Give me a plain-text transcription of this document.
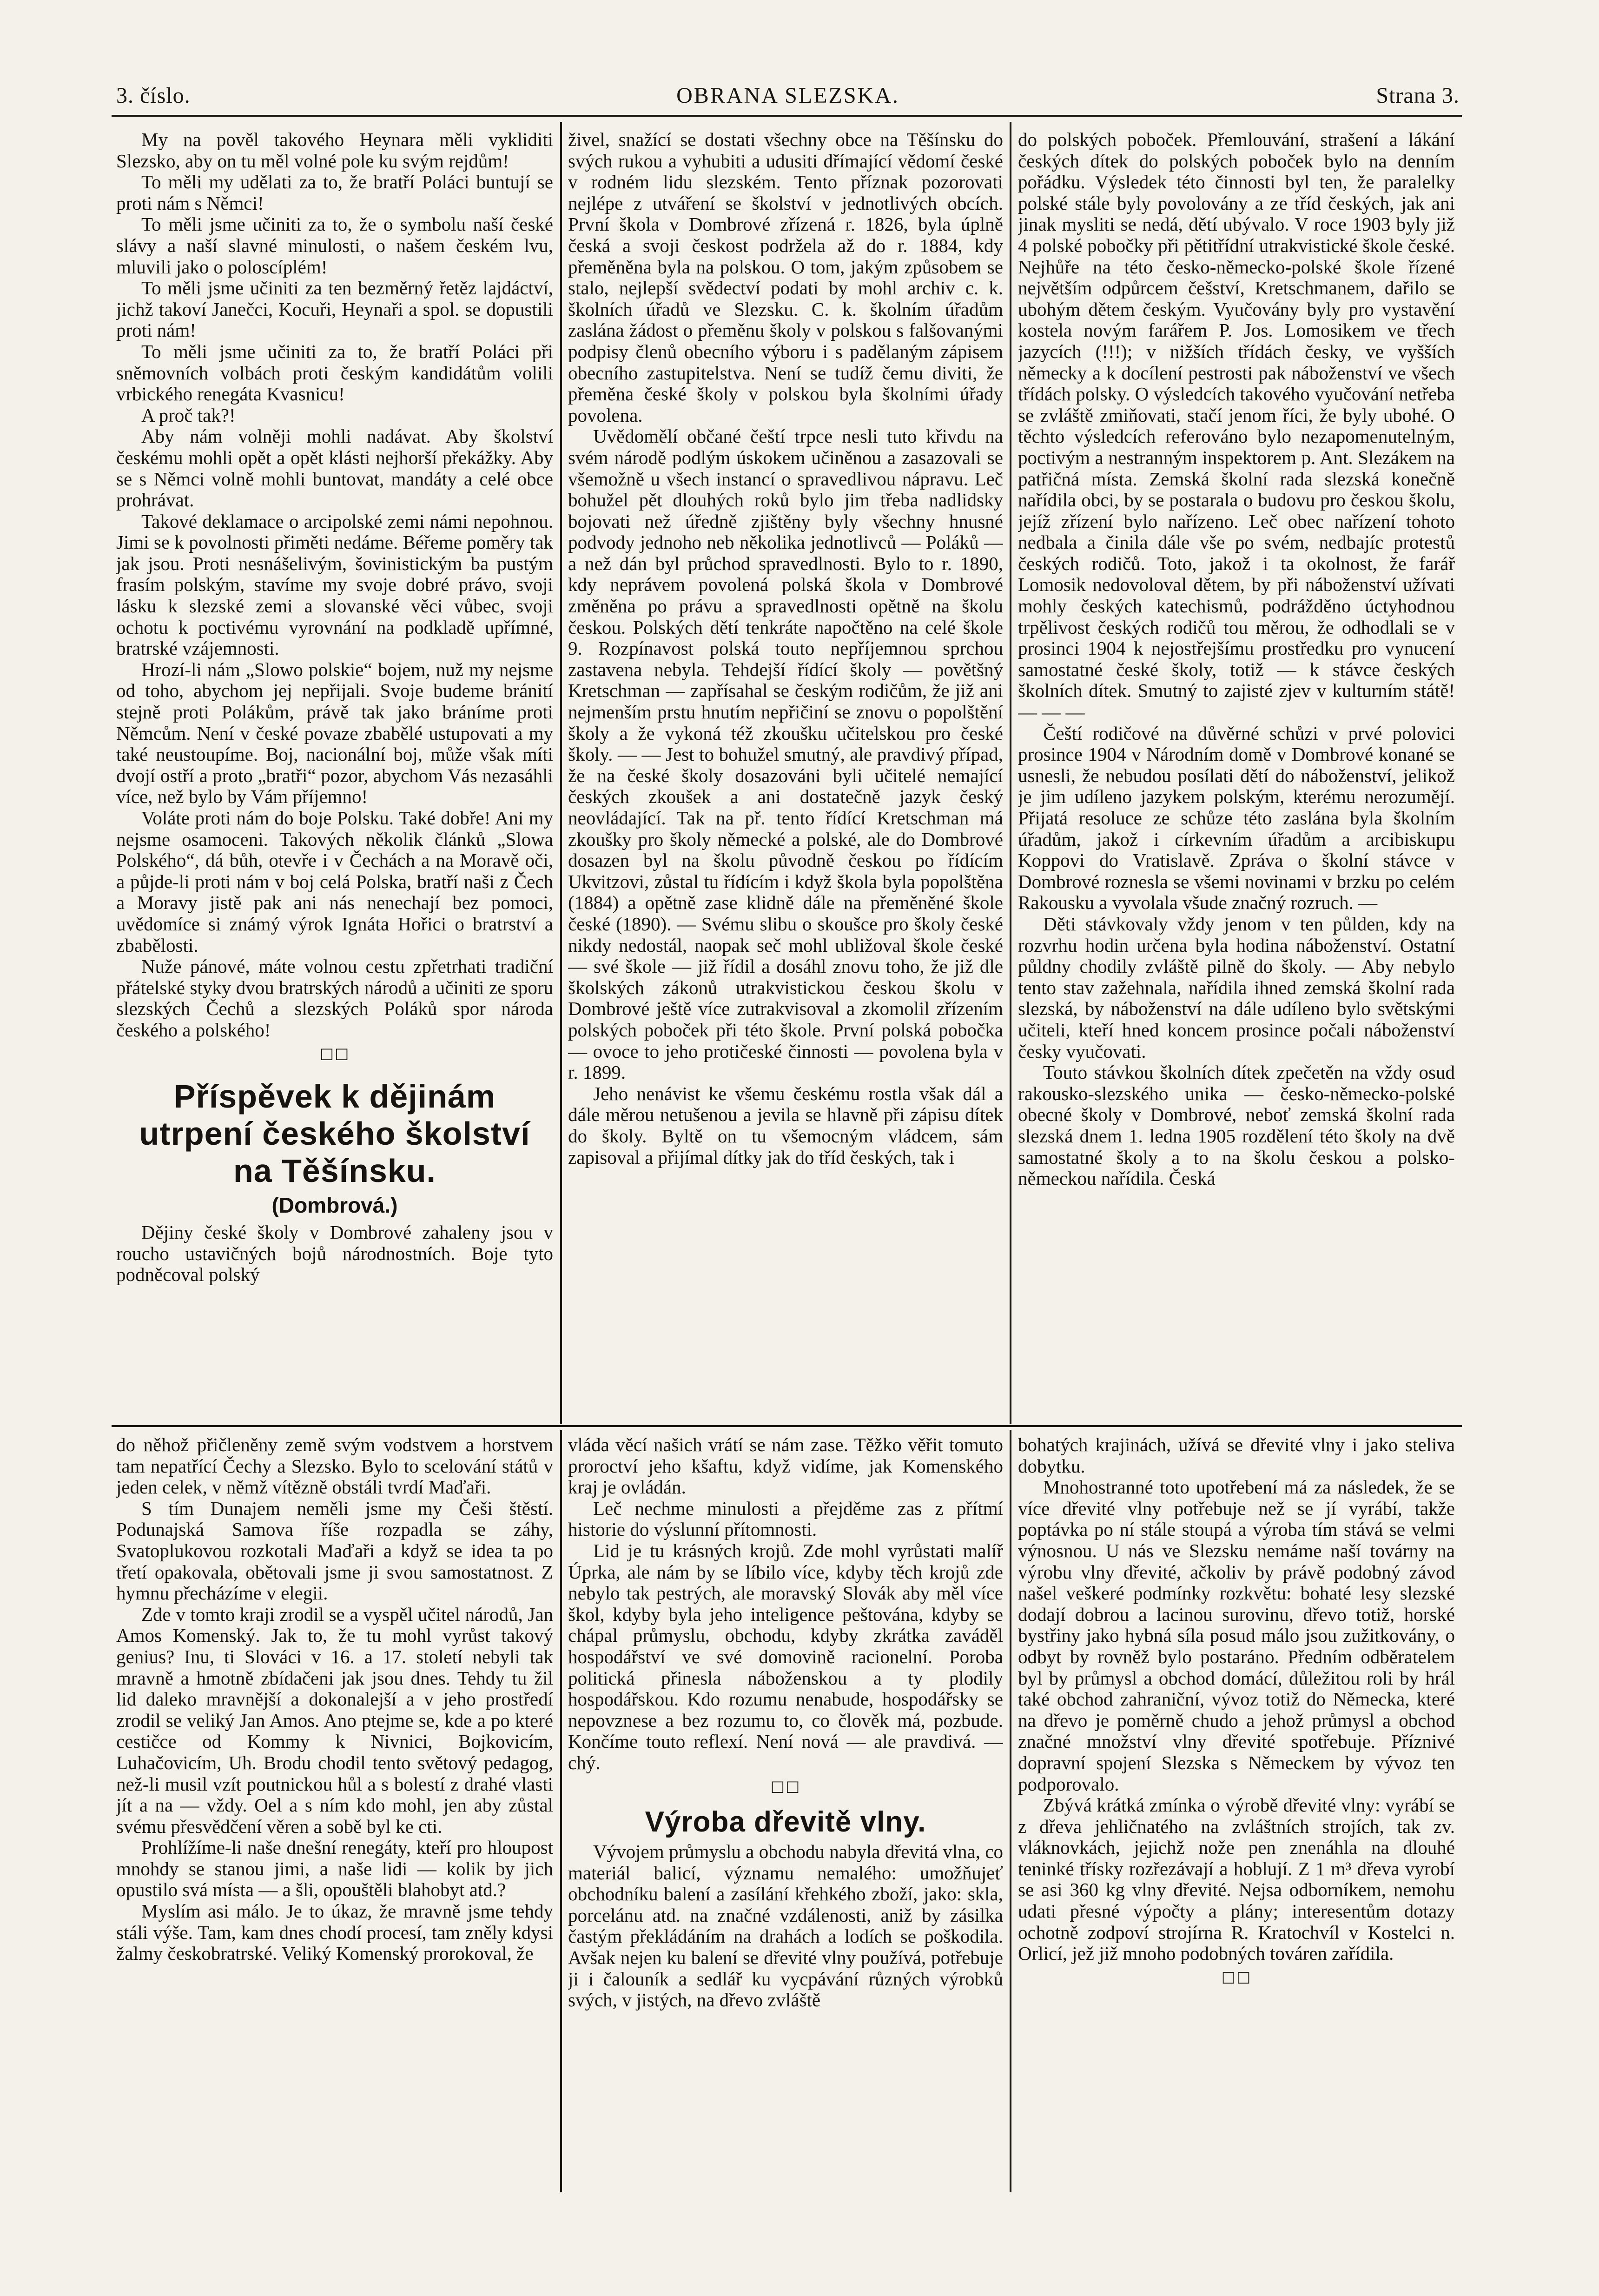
3. číslo.	OBRANA SLEZSKA.	Strana 3.

My na pověl takového Heynara měli vykliditi Slezsko, aby on tu měl volné pole ku svým rejdům!

To měli my udělati za to, že bratří Poláci buntují se proti nám s Němci!

To měli jsme učiniti za to, že o symbolu naší české slávy a naší slavné minulosti, o našem českém lvu, mluvili jako o poloscíplém!

To měli jsme učiniti za ten bezměrný řetěz lajdáctví, jichž takoví Janečci, Kocuři, Heynaři a spol. se dopustili proti nám!

To měli jsme učiniti za to, že bratří Poláci při sněmovních volbách proti českým kandidátům volili vrbického renegáta Kvasnicu!

A proč tak?!

Aby nám volněji mohli nadávat. Aby školství českému mohli opět a opět klásti nejhorší překážky. Aby se s Němci volně mohli buntovat, mandáty a celé obce prohrávat.

Takové deklamace o arcipolské zemi námi nepohnou. Jimi se k povolnosti přiměti nedáme. Béřeme poměry tak jak jsou. Proti nesnášelivým, šovinistickým ba pustým frasím polským, stavíme my svoje dobré právo, svoji lásku k slezské zemi a slovanské věci vůbec, svoji ochotu k poctivému vyrovnání na podkladě upřímné, bratrské vzájemnosti.

Hrozí-li nám „Slowo polskie“ bojem, nuž my nejsme od toho, abychom jej nepřijali. Svoje budeme bránití stejně proti Polákům, právě tak jako bráníme proti Němcům. Není v české povaze zbabělé ustupovati a my také neustoupíme. Boj, nacionální boj, může však míti dvojí ostří a proto „bratři“ pozor, abychom Vás nezasáhli více, než bylo by Vám příjemno!

Voláte proti nám do boje Polsku. Také dobře! Ani my nejsme osamoceni. Takových několik článků „Slowa Polského“, dá bůh, otevře i v Čechách a na Moravě oči, a půjde-li proti nám v boj celá Polska, bratří naši z Čech a Moravy jistě pak ani nás nenechají bez pomoci, uvědomíce si známý výrok Ignáta Hořici o bratrství a zbabělosti.

Nuže pánové, máte volnou cestu zpřetrhati tradiční přátelské styky dvou bratrských národů a učiniti ze sporu slezských Čechů a slezských Poláků spor národa českého a polského!

□□
Příspěvek k dějinám utrpení českého školství na Těšínsku.
(Dombrová.)

Dějiny české školy v Dombrové zahaleny jsou v roucho ustavičných bojů národnostních. Boje tyto podněcoval polský

živel, snažící se dostati všechny obce na Těšínsku do svých rukou a vyhubiti a udusiti dřímající vědomí české v rodném lidu slezském. Tento příznak pozorovati nejlépe z utváření se školství v jednotlivých obcích. První škola v Dombrové zřízená r. 1826, byla úplně česká a svoji českost podržela až do r. 1884, kdy přeměněna byla na polskou. O tom, jakým způsobem se stalo, nejlepší svědectví podati by mohl archiv c. k. školních úřadů ve Slezsku. C. k. školním úřadům zaslána žádost o přeměnu školy v polskou s falšovanými podpisy členů obecního výboru i s padělaným zápisem obecního zastupitelstva. Není se tudíž čemu diviti, že přeměna české školy v polskou byla školními úřady povolena.

Uvědomělí občané čeští trpce nesli tuto křivdu na svém národě podlým úskokem učiněnou a zasazovali se všemožně u všech instancí o spravedlivou nápravu. Leč bohužel pět dlouhých roků bylo jim třeba nadlidsky bojovati než úředně zjištěny byly všechny hnusné podvody jednoho neb několika jednotlivců — Poláků — a než dán byl průchod spravedlnosti. Bylo to r. 1890, kdy neprávem povolená polská škola v Dombrové změněna po právu a spravedlnosti opětně na školu českou. Polských dětí tenkráte napočtěno na celé škole 9. Rozpínavost polská touto nepříjemnou sprchou zastavena nebyla. Tehdejší řídící školy — povětšný Kretschman — zapřísahal se českým rodičům, že již ani nejmenším prstu hnutím nepřičiní se znovu o popolštění školy a že vykoná též zkoušku učitelskou pro české školy. — — Jest to bohužel smutný, ale pravdivý případ, že na české školy dosazováni byli učitelé nemající českých zkoušek a ani dostatečně jazyk český neovládající. Tak na př. tento řídící Kretschman má zkoušky pro školy německé a polské, ale do Dombrové dosazen byl na školu původně českou po řídícím Ukvitzovi, zůstal tu řídícím i když škola byla popolštěna (1884) a opětně zase klidně dále na přeměněné škole české (1890). — Svému slibu o skoušce pro školy české nikdy nedostál, naopak seč mohl ubližoval škole české — své škole — již řídil a dosáhl znovu toho, že již dle školských zákonů utrakvistickou českou školu v Dombrové ještě více zutrakvisoval a zkomolil zřízením polských poboček při této škole. První polská pobočka — ovoce to jeho protičeské činnosti — povolena byla v r. 1899.

Jeho nenávist ke všemu českému rostla však dál a dále měrou netušenou a jevila se hlavně při zápisu dítek do školy. Byltě on tu všemocným vládcem, sám zapisoval a přijímal dítky jak do tříd českých, tak i

do polských poboček. Přemlouvání, strašení a lákání českých dítek do polských poboček bylo na denním pořádku. Výsledek této činnosti byl ten, že paralelky polské stále byly povolovány a ze tříd českých, jak ani jinak mysliti se nedá, dětí ubývalo. V roce 1903 byly již 4 polské pobočky při pětitřídní utrakvistické škole české. Nejhůře na této česko-německo-polské škole řízené největším odpůrcem češství, Kretschmanem, dařilo se ubohým dětem českým. Vyučovány byly pro vystavění kostela novým farářem P. Jos. Lomosikem ve třech jazycích (!!!); v nižších třídách česky, ve vyšších německy a k docílení pestrosti pak náboženství ve všech třídách polsky. O výsledcích takového vyučování netřeba se zvláště zmiňovati, stačí jenom říci, že byly ubohé. O těchto výsledcích referováno bylo nezapomenutelným, poctivým a nestranným inspektorem p. Ant. Slezákem na patřičná místa. Zemská školní rada slezská konečně nařídila obci, by se postarala o budovu pro českou školu, jejíž zřízení bylo nařízeno. Leč obec nařízení tohoto nedbala a činila dále vše po svém, nedbajíc protestů českých rodičů. Toto, jakož i ta okolnost, že farář Lomosik nedovoloval dětem, by při náboženství užívati mohly českých katechismů, podrážděno úctyhodnou trpělivost českých rodičů tou měrou, že odhodlali se v prosinci 1904 k nejostřejšímu prostředku pro vynucení samostatné české školy, totiž — k stávce českých školních dítek. Smutný to zajisté zjev v kulturním státě! — — —

Čeští rodičové na důvěrné schůzi v prvé polovici prosince 1904 v Národním domě v Dombrové konané se usnesli, že nebudou posílati dětí do náboženství, jelikož je jim udíleno jazykem polským, kterému nerozumějí. Přijatá resoluce ze schůze této zaslána byla školním úřadům, jakož i církevním úřadům a arcibiskupu Koppovi do Vratislavě. Zpráva o školní stávce v Dombrové roznesla se všemi novinami v brzku po celém Rakousku a vyvolala všude značný rozruch. —

Děti stávkovaly vždy jenom v ten půlden, kdy na rozvrhu hodin určena byla hodina náboženství. Ostatní půldny chodily zvláště pilně do školy. — Aby nebylo tento stav zažehnala, nařídila ihned zemská školní rada slezská, by náboženství na dále udíleno bylo světskými učiteli, kteří hned koncem prosince počali náboženství česky vyučovati.

Touto stávkou školních dítek zpečetěn na vždy osud rakousko-slezského unika — česko-německo-polské obecné školy v Dombrové, neboť zemská školní rada slezská dnem 1. ledna 1905 rozdělení této školy na dvě samostatné školy a to na školu českou a polsko-německou nařídila. Česká

do něhož přičleněny země svým vodstvem a horstvem tam nepatřící Čechy a Slezsko. Bylo to scelování států v jeden celek, v němž vítězně obstáli tvrdí Maďaři.

S tím Dunajem neměli jsme my Češi štěstí. Podunajská Samova říše rozpadla se záhy, Svatoplukovou rozkotali Maďaři a když se idea ta po třetí opakovala, obětovali jsme ji svou samostatnost. Z hymnu přecházíme v elegii.

Zde v tomto kraji zrodil se a vyspěl učitel národů, Jan Amos Komenský. Jak to, že tu mohl vyrůst takový genius? Inu, ti Slováci v 16. a 17. století nebyli tak mravně a hmotně zbídačeni jak jsou dnes. Tehdy tu žil lid daleko mravnější a dokonalejší a v jeho prostředí zrodil se veliký Jan Amos. Ano ptejme se, kde a po které cestičce od Kommy k Nivnici, Bojkovicím, Luhačovicím, Uh. Brodu chodil tento světový pedagog, než-li musil vzít poutnickou hůl a s bolestí z drahé vlasti jít a na — vždy. Oel a s ním kdo mohl, jen aby zůstal svému přesvědčení věren a sobě byl ke cti.

Prohlížíme-li naše dnešní renegáty, kteří pro hloupost mnohdy se stanou jimi, a naše lidi — kolik by jich opustilo svá místa — a šli, opouštěli blahobyt atd.?

Myslím asi málo. Je to úkaz, že mravně jsme tehdy stáli výše. Tam, kam dnes chodí procesí, tam zněly kdysi žalmy českobratrské. Veliký Komenský prorokoval, že

vláda věcí našich vrátí se nám zase. Těžko věřit tomuto proroctví jeho kšaftu, když vidíme, jak Komenského kraj je ovládán.

Leč nechme minulosti a přejděme zas z přítmí historie do výslunní přítomnosti.

Lid je tu krásných krojů. Zde mohl vyrůstati malíř Úprka, ale nám by se líbilo více, kdyby těch krojů zde nebylo tak pestrých, ale moravský Slovák aby měl více škol, kdyby byla jeho inteligence peštována, kdyby se chápal průmyslu, obchodu, kdyby zkrátka zaváděl hospodářství ve své domovině racionelní. Poroba politická přinesla náboženskou a ty plodily hospodářskou. Kdo rozumu nenabude, hospodářsky se nepovznese a bez rozumu to, co člověk má, pozbude. Končíme touto reflexí. Není nová — ale pravdivá. —chý.

□□
Výroba dřevitě vlny.

Vývojem průmyslu a obchodu nabyla dřevitá vlna, co materiál balicí, významu nemalého: umožňujeť obchodníku balení a zasílání křehkého zboží, jako: skla, porcelánu atd. na značné vzdálenosti, aniž by zásilka častým překládáním na drahách a lodích se poškodila. Avšak nejen ku balení se dřevité vlny používá, potřebuje ji i čalouník a sedlář ku vycpávání různých výrobků svých, v jistých, na dřevo zvláště

bohatých krajinách, užívá se dřevité vlny i jako steliva dobytku.

Mnohostranné toto upotřebení má za následek, že se více dřevité vlny potřebuje než se jí vyrábí, takže poptávka po ní stále stoupá a výroba tím stává se velmi výnosnou. U nás ve Slezsku nemáme naší továrny na výrobu vlny dřevité, ačkoliv by právě podobný závod našel veškeré podmínky rozkvětu: bohaté lesy slezské dodají dobrou a lacinou surovinu, dřevo totiž, horské bystřiny jako hybná síla posud málo jsou zužitkovány, o odbyt by rovněž bylo postaráno. Předním odběratelem byl by průmysl a obchod domácí, důležitou roli by hrál také obchod zahraniční, vývoz totiž do Německa, které na dřevo je poměrně chudo a jehož průmysl a obchod značné množství vlny dřevité spotřebuje. Příznivé dopravní spojení Slezska s Německem by vývoz ten podporovalo.

Zbývá krátká zmínka o výrobě dřevité vlny: vyrábí se z dřeva jehličnatého na zvláštních strojích, tak zv. vláknovkách, jejichž nože pen znenáhla na dlouhé teninké třísky rozřezávají a hoblují. Z 1 m³ dřeva vyrobí se asi 360 kg vlny dřevité. Nejsa odborníkem, nemohu udati přesné výpočty a plány; interesentům dotazy ochotně zodpoví strojírna R. Kratochvíl v Kostelci n. Orlicí, jež již mnoho podobných továren zařídila.

□□
